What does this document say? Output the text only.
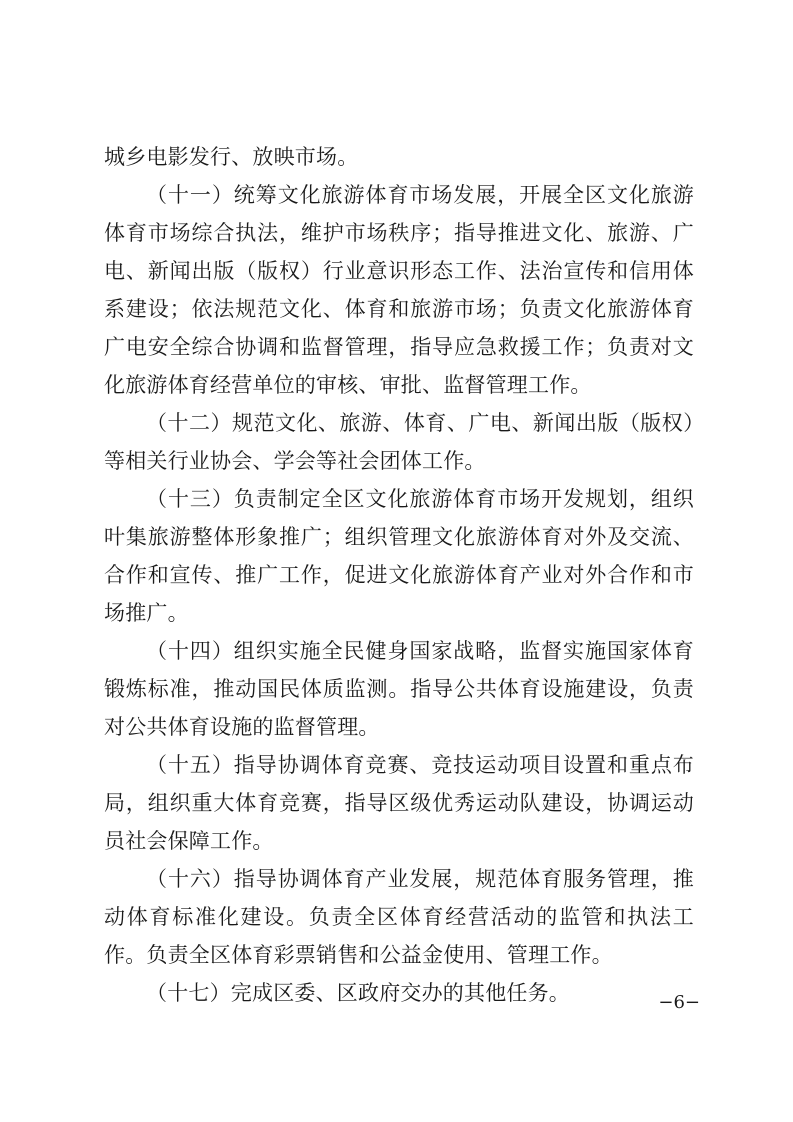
城乡电影发行、放映市场。

（十一）统筹文化旅游体育市场发展，开展全区文化旅游体育市场综合执法，维护市场秩序；指导推进文化、旅游、广电、新闻出版（版权）行业意识形态工作、法治宣传和信用体系建设；依法规范文化、体育和旅游市场；负责文化旅游体育广电安全综合协调和监督管理，指导应急救援工作；负责对文化旅游体育经营单位的审核、审批、监督管理工作。

（十二）规范文化、旅游、体育、广电、新闻出版（版权）等相关行业协会、学会等社会团体工作。

（十三）负责制定全区文化旅游体育市场开发规划，组织叶集旅游整体形象推广；组织管理文化旅游体育对外及交流、合作和宣传、推广工作，促进文化旅游体育产业对外合作和市场推广。

（十四）组织实施全民健身国家战略，监督实施国家体育锻炼标准，推动国民体质监测。指导公共体育设施建设，负责对公共体育设施的监督管理。

（十五）指导协调体育竞赛、竞技运动项目设置和重点布局，组织重大体育竞赛，指导区级优秀运动队建设，协调运动员社会保障工作。

（十六）指导协调体育产业发展，规范体育服务管理，推动体育标准化建设。负责全区体育经营活动的监管和执法工作。负责全区体育彩票销售和公益金使用、管理工作。

（十七）完成区委、区政府交办的其他任务。	−6−
